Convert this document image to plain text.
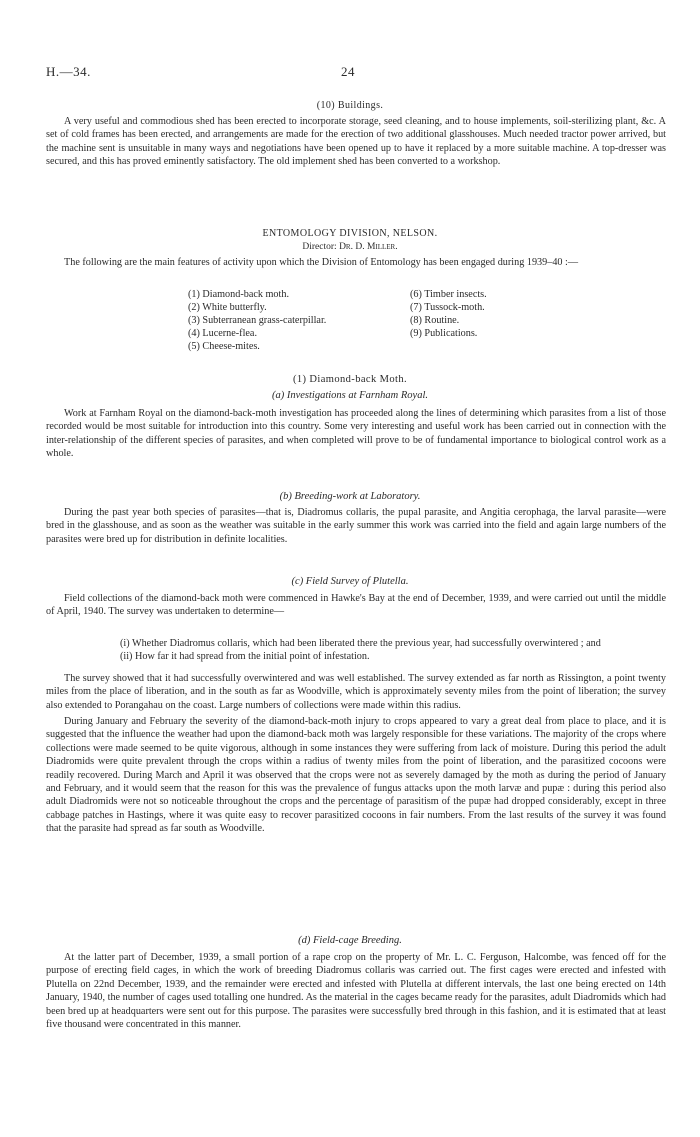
H.—34.	24
(10) Buildings.

A very useful and commodious shed has been erected to incorporate storage, seed cleaning, and to house implements, soil-sterilizing plant, &c. A set of cold frames has been erected, and arrangements are made for the erection of two additional glasshouses. Much needed tractor power arrived, but the machine sent is unsuitable in many ways and negotiations have been opened up to have it replaced by a more suitable machine. A top-dresser was secured, and this has proved eminently satisfactory. The old implement shed has been converted to a workshop.

ENTOMOLOGY DIVISION, NELSON.
Director: Dr. D. Miller.

The following are the main features of activity upon which the Division of Entomology has been engaged during 1939–40 :—

(1) Diamond-back moth.
(2) White butterfly.
(3) Subterranean grass-caterpillar.
(4) Lucerne-flea.
(5) Cheese-mites.
(6) Timber insects.
(7) Tussock-moth.
(8) Routine.
(9) Publications.
(1) Diamond-back Moth.
(a) Investigations at Farnham Royal.

Work at Farnham Royal on the diamond-back-moth investigation has proceeded along the lines of determining which parasites from a list of those recorded would be most suitable for introduction into this country. Some very interesting and useful work has been carried out in connection with the inter-relationship of the different species of parasites, and when completed will prove to be of fundamental importance to biological control work as a whole.

(b) Breeding-work at Laboratory.

During the past year both species of parasites—that is, Diadromus collaris, the pupal parasite, and Angitia cerophaga, the larval parasite—were bred in the glasshouse, and as soon as the weather was suitable in the early summer this work was carried into the field and again large numbers of the parasites were bred up for distribution in definite localities.

(c) Field Survey of Plutella.

Field collections of the diamond-back moth were commenced in Hawke's Bay at the end of December, 1939, and were carried out until the middle of April, 1940. The survey was undertaken to determine—

(i) Whether Diadromus collaris, which had been liberated there the previous year, had successfully overwintered ; and
(ii) How far it had spread from the initial point of infestation.

The survey showed that it had successfully overwintered and was well established. The survey extended as far north as Rissington, a point twenty miles from the place of liberation, and in the south as far as Woodville, which is approximately seventy miles from the point of liberation; the survey also extended to Porangahau on the coast. Large numbers of collections were made within this radius.

During January and February the severity of the diamond-back-moth injury to crops appeared to vary a great deal from place to place, and it is suggested that the influence the weather had upon the diamond-back moth was largely responsible for these variations. The majority of the crops where collections were made seemed to be quite vigorous, although in some instances they were suffering from lack of moisture. During this period the adult Diadromids were quite prevalent through the crops within a radius of twenty miles from the point of liberation, and the parasitized cocoons were readily recovered. During March and April it was observed that the crops were not as severely damaged by the moth as during the period of January and February, and it would seem that the reason for this was the prevalence of fungus attacks upon the moth larvæ and pupæ : during this period also adult Diadromids were not so noticeable throughout the crops and the percentage of parasitism of the pupæ had dropped considerably, except in three cabbage patches in Hastings, where it was quite easy to recover parasitized cocoons in fair numbers. From the last results of the survey it was found that the parasite had spread as far south as Woodville.

(d) Field-cage Breeding.

At the latter part of December, 1939, a small portion of a rape crop on the property of Mr. L. C. Ferguson, Halcombe, was fenced off for the purpose of erecting field cages, in which the work of breeding Diadromus collaris was carried out. The first cages were erected and infested with Plutella on 22nd December, 1939, and the remainder were erected and infested with Plutella at different intervals, the last one being erected on 14th January, 1940, the number of cages used totalling one hundred. As the material in the cages became ready for the parasites, adult Diadromids which had been bred up at headquarters were sent out for this purpose. The parasites were successfully bred through in this fashion, and it is estimated that at least five thousand were concentrated in this manner.
